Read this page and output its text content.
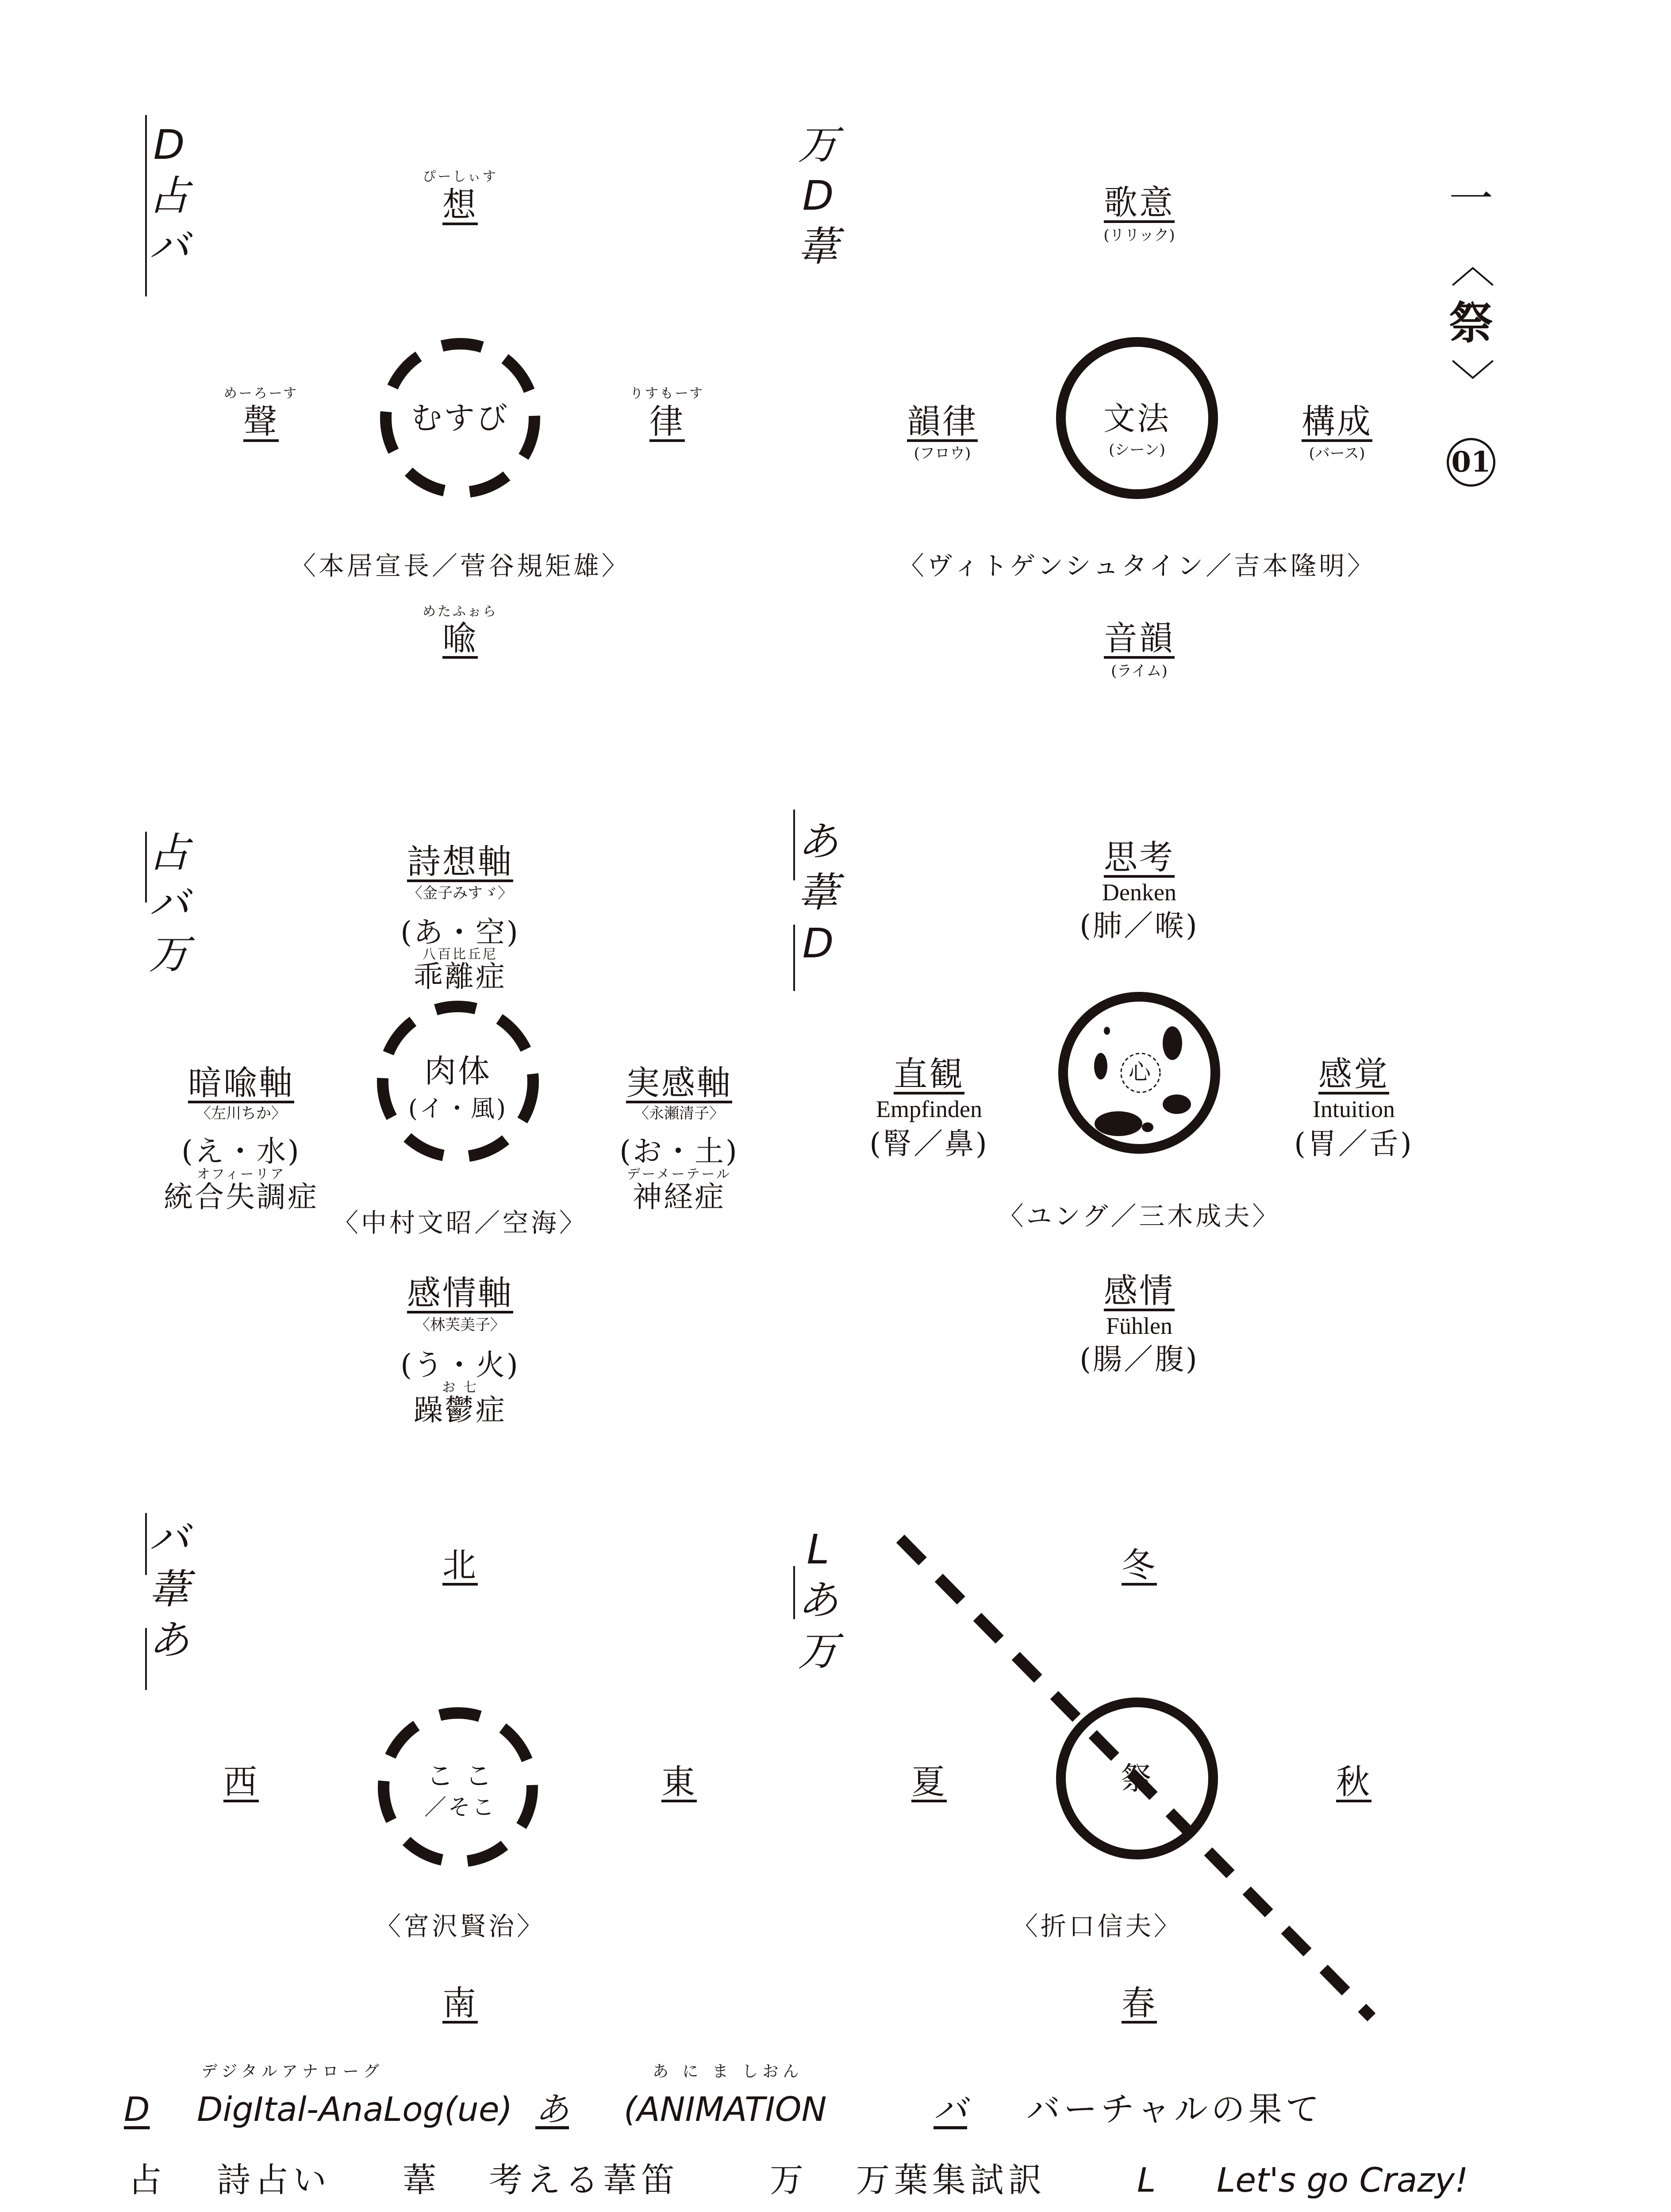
一
〈
祭
〉
01
D
占
バ
ぴーしぃす
想
めーろーす
聲	むすび
りすもーす
律
〈本居宣長／菅谷規矩雄〉
めたふぉら
喩
万
D
葦
歌意
(リリック)
韻律
(フロウ)
文法
(シーン)
構成
(バース)
〈ヴィトゲンシュタイン／吉本隆明〉
音韻
(ライム)
占
バ
万
詩想軸
〈金子みすゞ〉
(あ・空)
八百比丘尼
乖離症
暗喩軸
〈左川ちか〉
(え・水)
オフィーリア
統合失調症
肉体
(イ・風)
実感軸
〈永瀬清子〉
(お・土)
デーメーテール
神経症
〈中村文昭／空海〉
感情軸
〈林芙美子〉
(う・火)
お 七
躁鬱症
あ
葦
D
思考
Denken
(肺／喉)
直観
Empfinden
(腎／鼻)
心	感覚
Intuition
(胃／舌)
〈ユング／三木成夫〉
感情
Fühlen
(腸／腹)
バ
葦
あ
北
西	こ こ
／そこ
東
〈宮沢賢治〉
南
L
あ
万
冬
夏	祭	秋
〈折口信夫〉
春
デジタルアナローグ	あ に ま しおん
D DigItal-AnaLog(ue) あ (ANIMATION	バ バーチャルの果て
占 詩占い 葦 考える葦笛	万 万葉集試訳	L Let's go Crazy!
